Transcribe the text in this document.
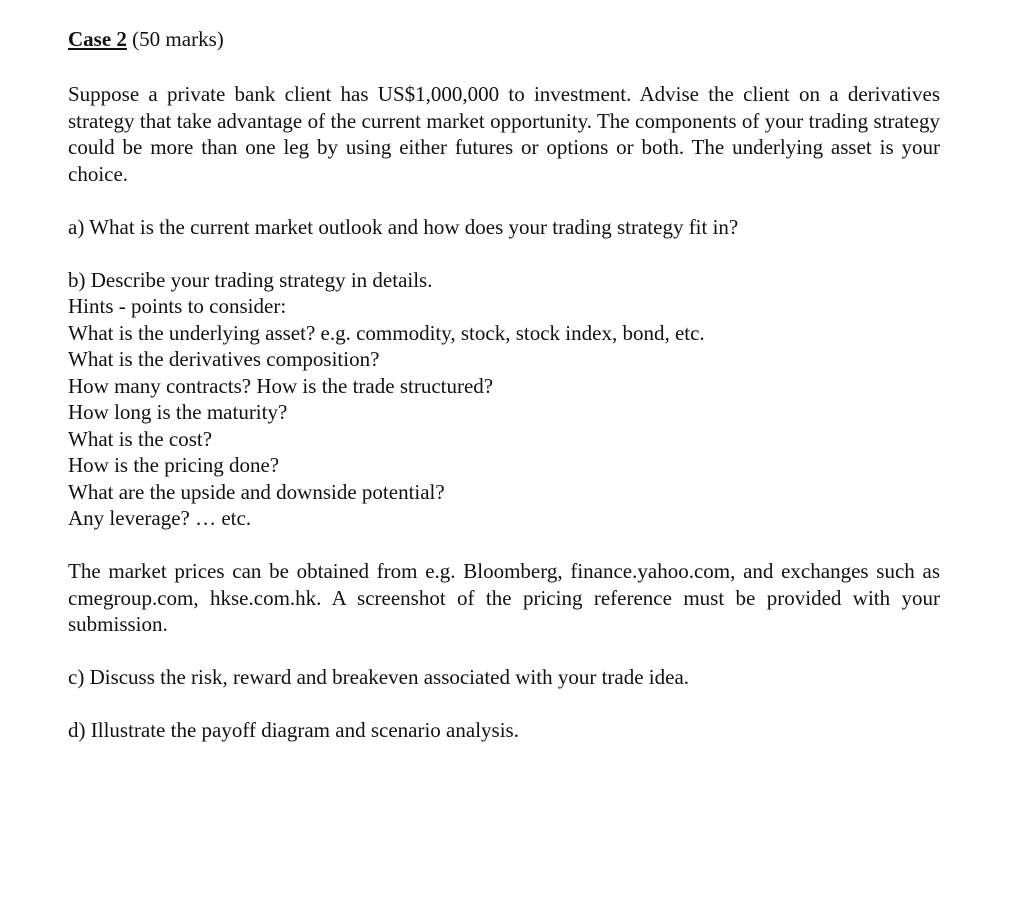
Case 2 (50 marks)

Suppose a private bank client has US$1,000,000 to investment. Advise the client on a derivatives strategy that take advantage of the current market opportunity. The components of your trading strategy could be more than one leg by using either futures or options or both. The underlying asset is your choice.

a) What is the current market outlook and how does your trading strategy fit in?

b) Describe your trading strategy in details.
Hints - points to consider:
What is the underlying asset? e.g. commodity, stock, stock index, bond, etc.
What is the derivatives composition?
How many contracts? How is the trade structured?
How long is the maturity?
What is the cost?
How is the pricing done?
What are the upside and downside potential?
Any leverage? … etc.

The market prices can be obtained from e.g. Bloomberg, finance.yahoo.com, and exchanges such as cmegroup.com, hkse.com.hk. A screenshot of the pricing reference must be provided with your submission.

c) Discuss the risk, reward and breakeven associated with your trade idea.

d) Illustrate the payoff diagram and scenario analysis.
